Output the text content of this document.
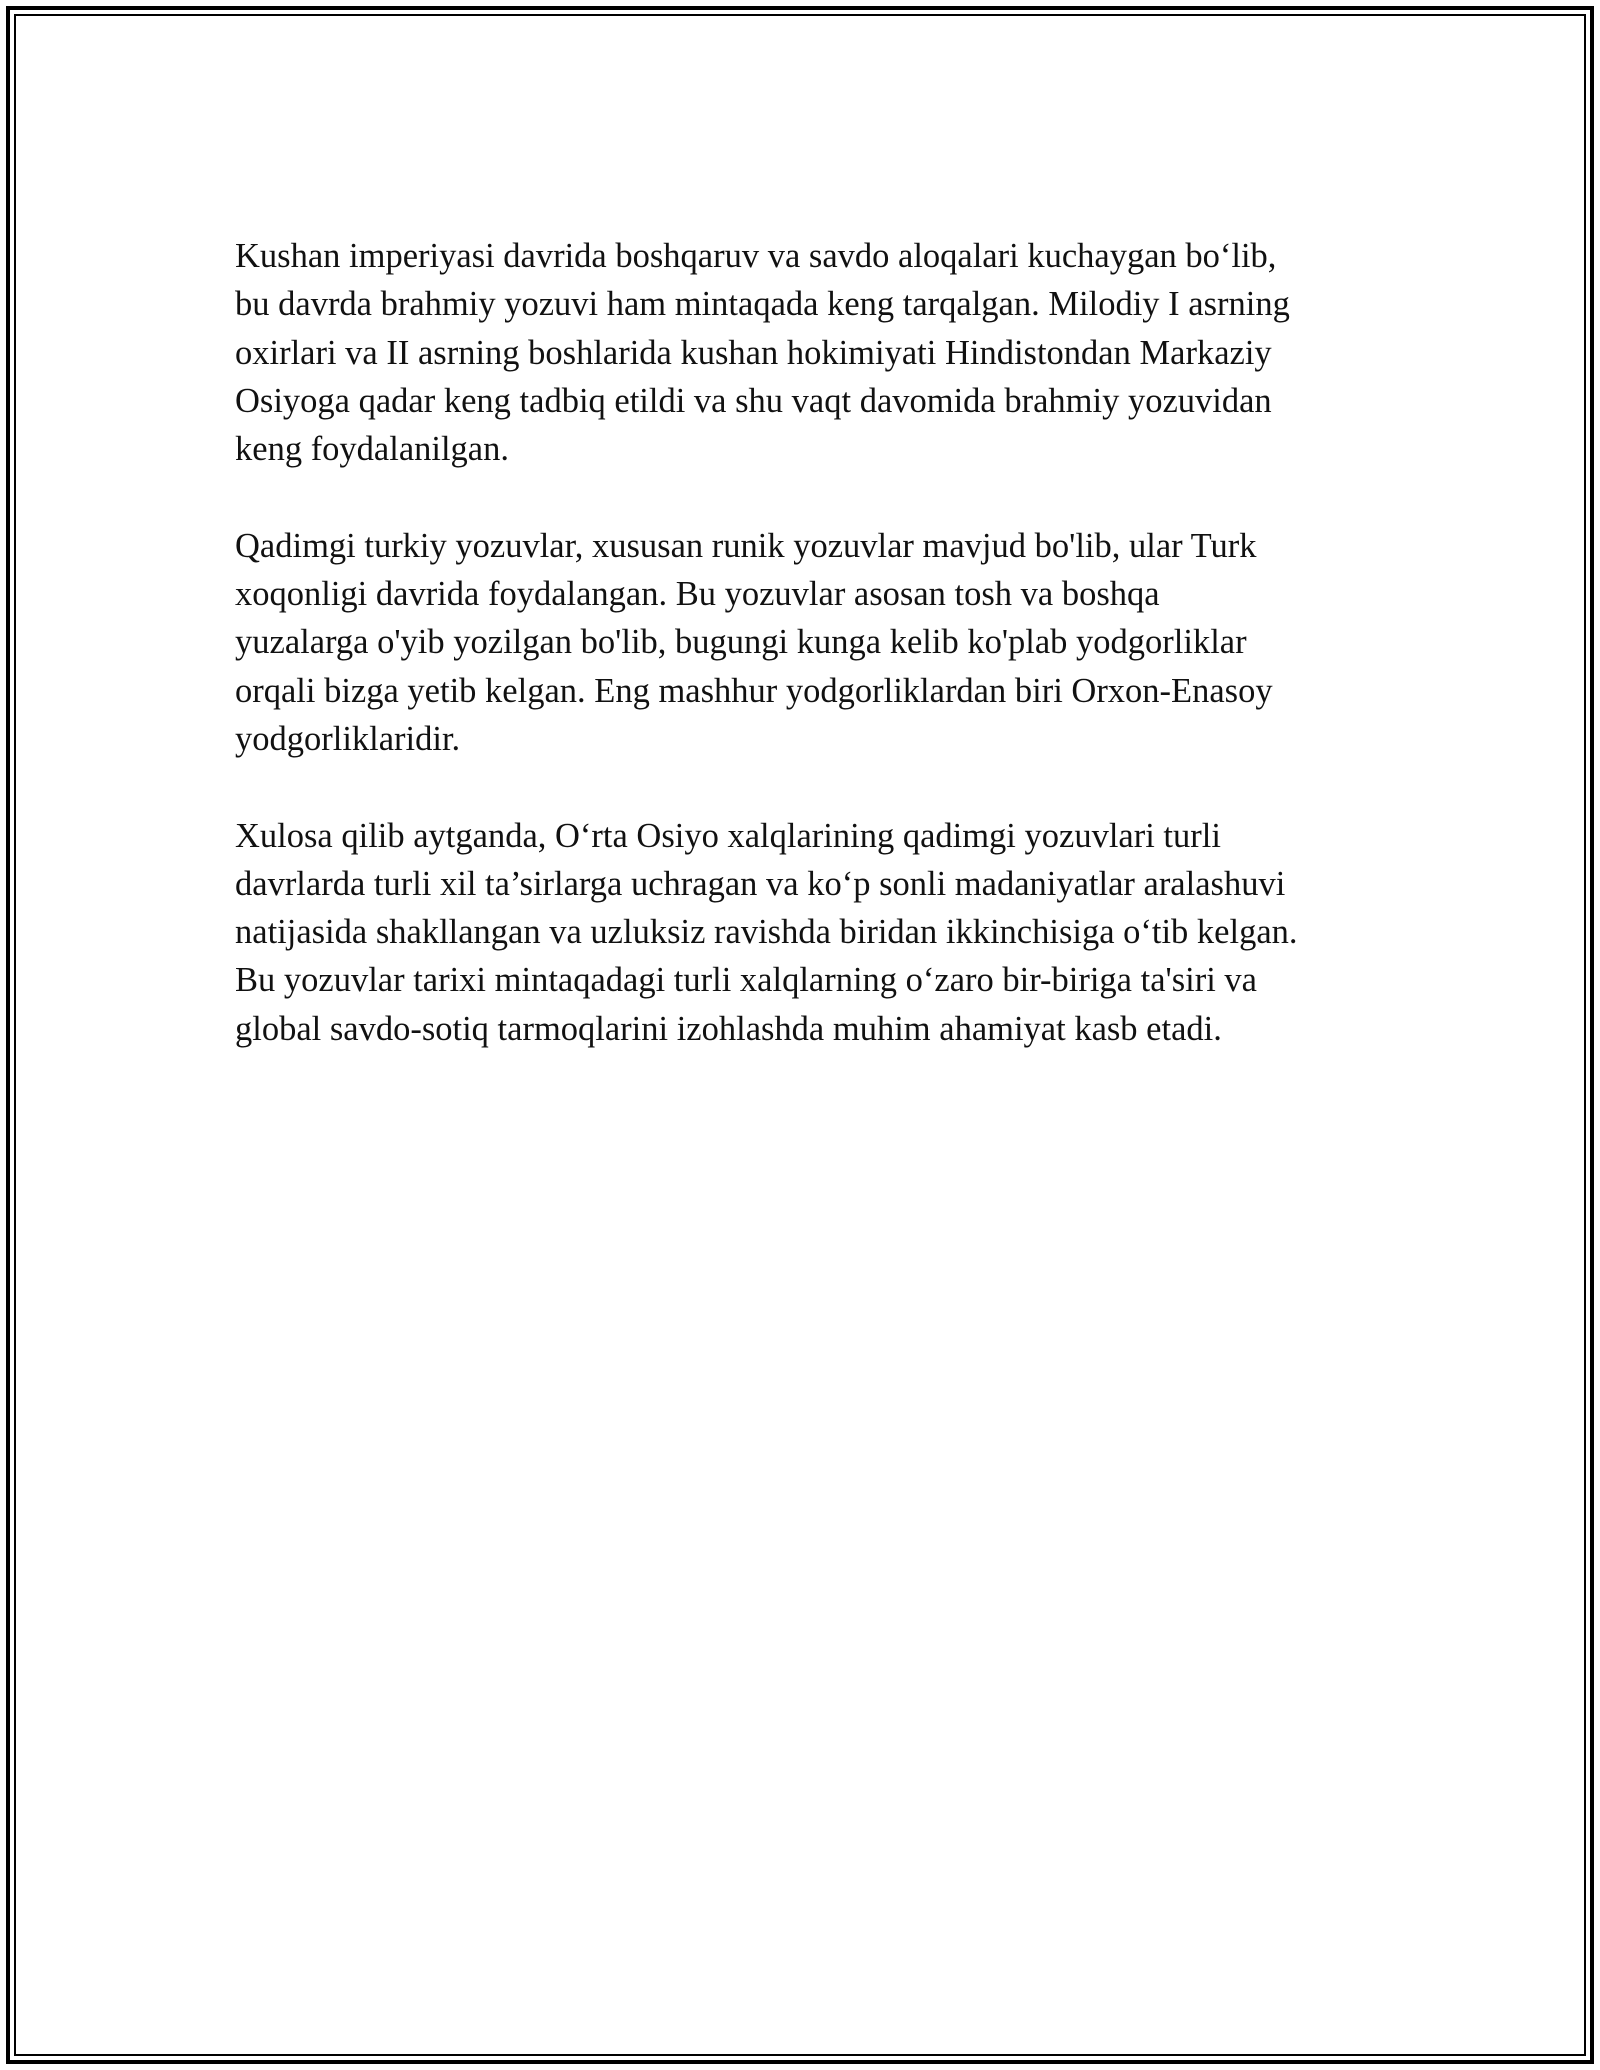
Kushan imperiyasi davrida boshqaruv va savdo aloqalari kuchaygan bo‘lib,
bu davrda brahmiy yozuvi ham mintaqada keng tarqalgan. Milodiy I asrning
oxirlari va II asrning boshlarida kushan hokimiyati Hindistondan Markaziy
Osiyoga qadar keng tadbiq etildi va shu vaqt davomida brahmiy yozuvidan
keng foydalanilgan.

Qadimgi turkiy yozuvlar, xususan runik yozuvlar mavjud bo'lib, ular Turk
xoqonligi davrida foydalangan. Bu yozuvlar asosan tosh va boshqa
yuzalarga o'yib yozilgan bo'lib, bugungi kunga kelib ko'plab yodgorliklar
orqali bizga yetib kelgan. Eng mashhur yodgorliklardan biri Orxon-Enasoy
yodgorliklaridir.

Xulosa qilib aytganda, O‘rta Osiyo xalqlarining qadimgi yozuvlari turli
davrlarda turli xil ta’sirlarga uchragan va ko‘p sonli madaniyatlar aralashuvi
natijasida shakllangan va uzluksiz ravishda biridan ikkinchisiga o‘tib kelgan.
Bu yozuvlar tarixi mintaqadagi turli xalqlarning o‘zaro bir-biriga ta'siri va
global savdo-sotiq tarmoqlarini izohlashda muhim ahamiyat kasb etadi.
